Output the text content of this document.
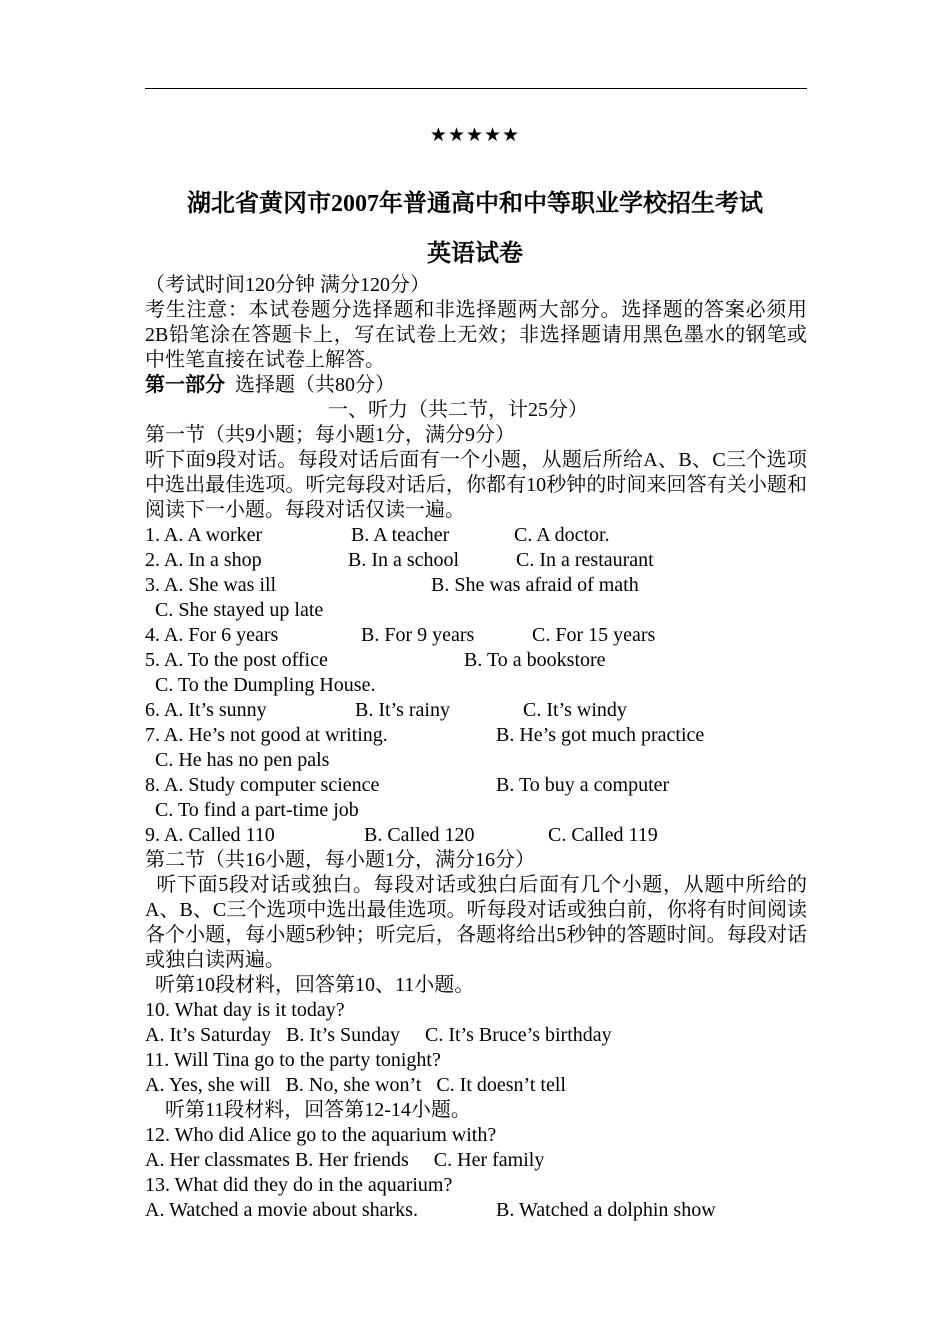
★★★★★
湖北省黄冈市2007年普通高中和中等职业学校招生考试
英语试卷
（考试时间120分钟 满分120分）
考生注意：本试卷题分选择题和非选择题两大部分。选择题的答案必须用2B铅笔涂在答题卡上，写在试卷上无效；非选择题请用黑色墨水的钢笔或中性笔直接在试卷上解答。
第一部分  选择题（共80分）
一、听力（共二节，计25分）
第一节（共9小题；每小题1分，满分9分）
听下面9段对话。每段对话后面有一个小题，从题后所给A、B、C三个选项中选出最佳选项。听完每段对话后，你都有10秒钟的时间来回答有关小题和阅读下一小题。每段对话仅读一遍。
1. A. A worker	B. A teacher	C. A doctor.
2. A. In a shop	B. In a school	C. In a restaurant
3. A. She was ill	B. She was afraid of math
C. She stayed up late
4. A. For 6 years	B. For 9 years	C. For 15 years
5. A. To the post office	B. To a bookstore
C. To the Dumpling House.
6. A. It’s sunny	B. It’s rainy	C. It’s windy
7. A. He’s not good at writing.	B. He’s got much practice
C. He has no pen pals
8. A. Study computer science	B. To buy a computer
C. To find a part-time job
9. A. Called 110	B. Called 120	C. Called 119
第二节（共16小题，每小题1分，满分16分）
听下面5段对话或独白。每段对话或独白后面有几个小题，从题中所给的A、B、C三个选项中选出最佳选项。听每段对话或独白前，你将有时间阅读各个小题，每小题5秒钟；听完后，各题将给出5秒钟的答题时间。每段对话或独白读两遍。
听第10段材料，回答第10、11小题。
10. What day is it today?
A. It’s Saturday   B. It’s Sunday     C. It’s Bruce’s birthday
11. Will Tina go to the party tonight?
A. Yes, she will   B. No, she won’t   C. It doesn’t tell
听第11段材料，回答第12-14小题。
12. Who did Alice go to the aquarium with?
A. Her classmates B. Her friends     C. Her family
13. What did they do in the aquarium?
A. Watched a movie about sharks.	B. Watched a dolphin show
